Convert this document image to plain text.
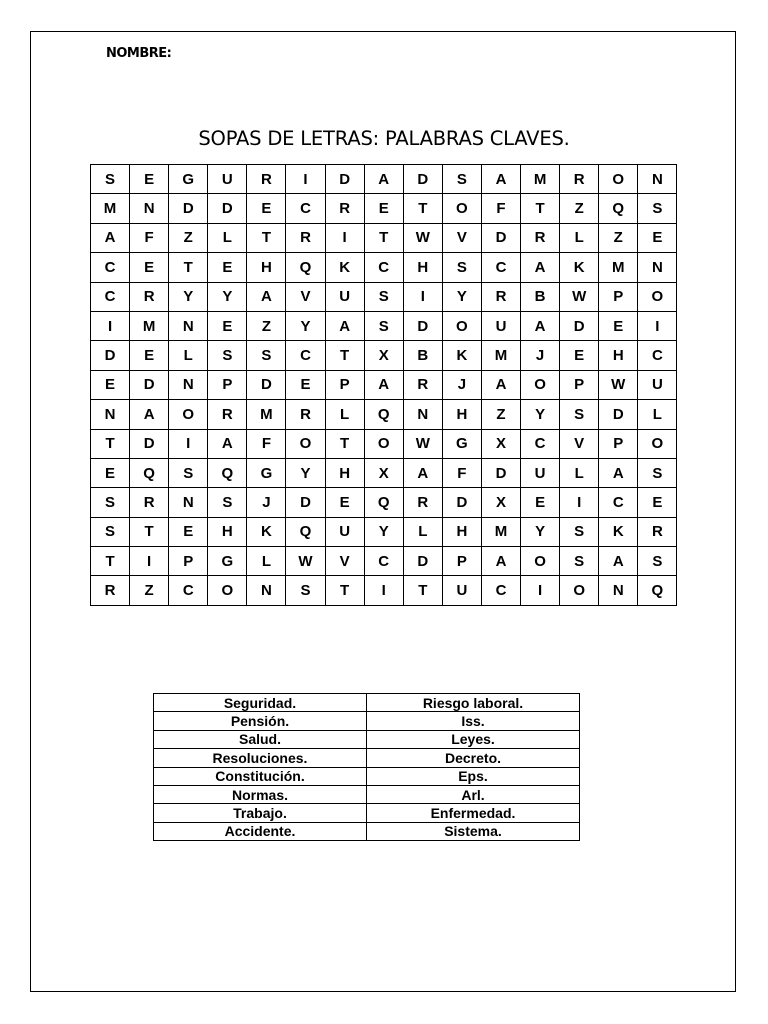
NOMBRE:
SOPAS DE LETRAS: PALABRAS CLAVES.
S	E	G	U	R	I	D	A	D	S	A	M	R	O	N
M	N	D	D	E	C	R	E	T	O	F	T	Z	Q	S
A	F	Z	L	T	R	I	T	W	V	D	R	L	Z	E
C	E	T	E	H	Q	K	C	H	S	C	A	K	M	N
C	R	Y	Y	A	V	U	S	I	Y	R	B	W	P	O
I	M	N	E	Z	Y	A	S	D	O	U	A	D	E	I
D	E	L	S	S	C	T	X	B	K	M	J	E	H	C
E	D	N	P	D	E	P	A	R	J	A	O	P	W	U
N	A	O	R	M	R	L	Q	N	H	Z	Y	S	D	L
T	D	I	A	F	O	T	O	W	G	X	C	V	P	O
E	Q	S	Q	G	Y	H	X	A	F	D	U	L	A	S
S	R	N	S	J	D	E	Q	R	D	X	E	I	C	E
S	T	E	H	K	Q	U	Y	L	H	M	Y	S	K	R
T	I	P	G	L	W	V	C	D	P	A	O	S	A	S
R	Z	C	O	N	S	T	I	T	U	C	I	O	N	Q
Seguridad.	Riesgo laboral.
Pensión.	Iss.
Salud.	Leyes.
Resoluciones.	Decreto.
Constitución.	Eps.
Normas.	Arl.
Trabajo.	Enfermedad.
Accidente.	Sistema.
